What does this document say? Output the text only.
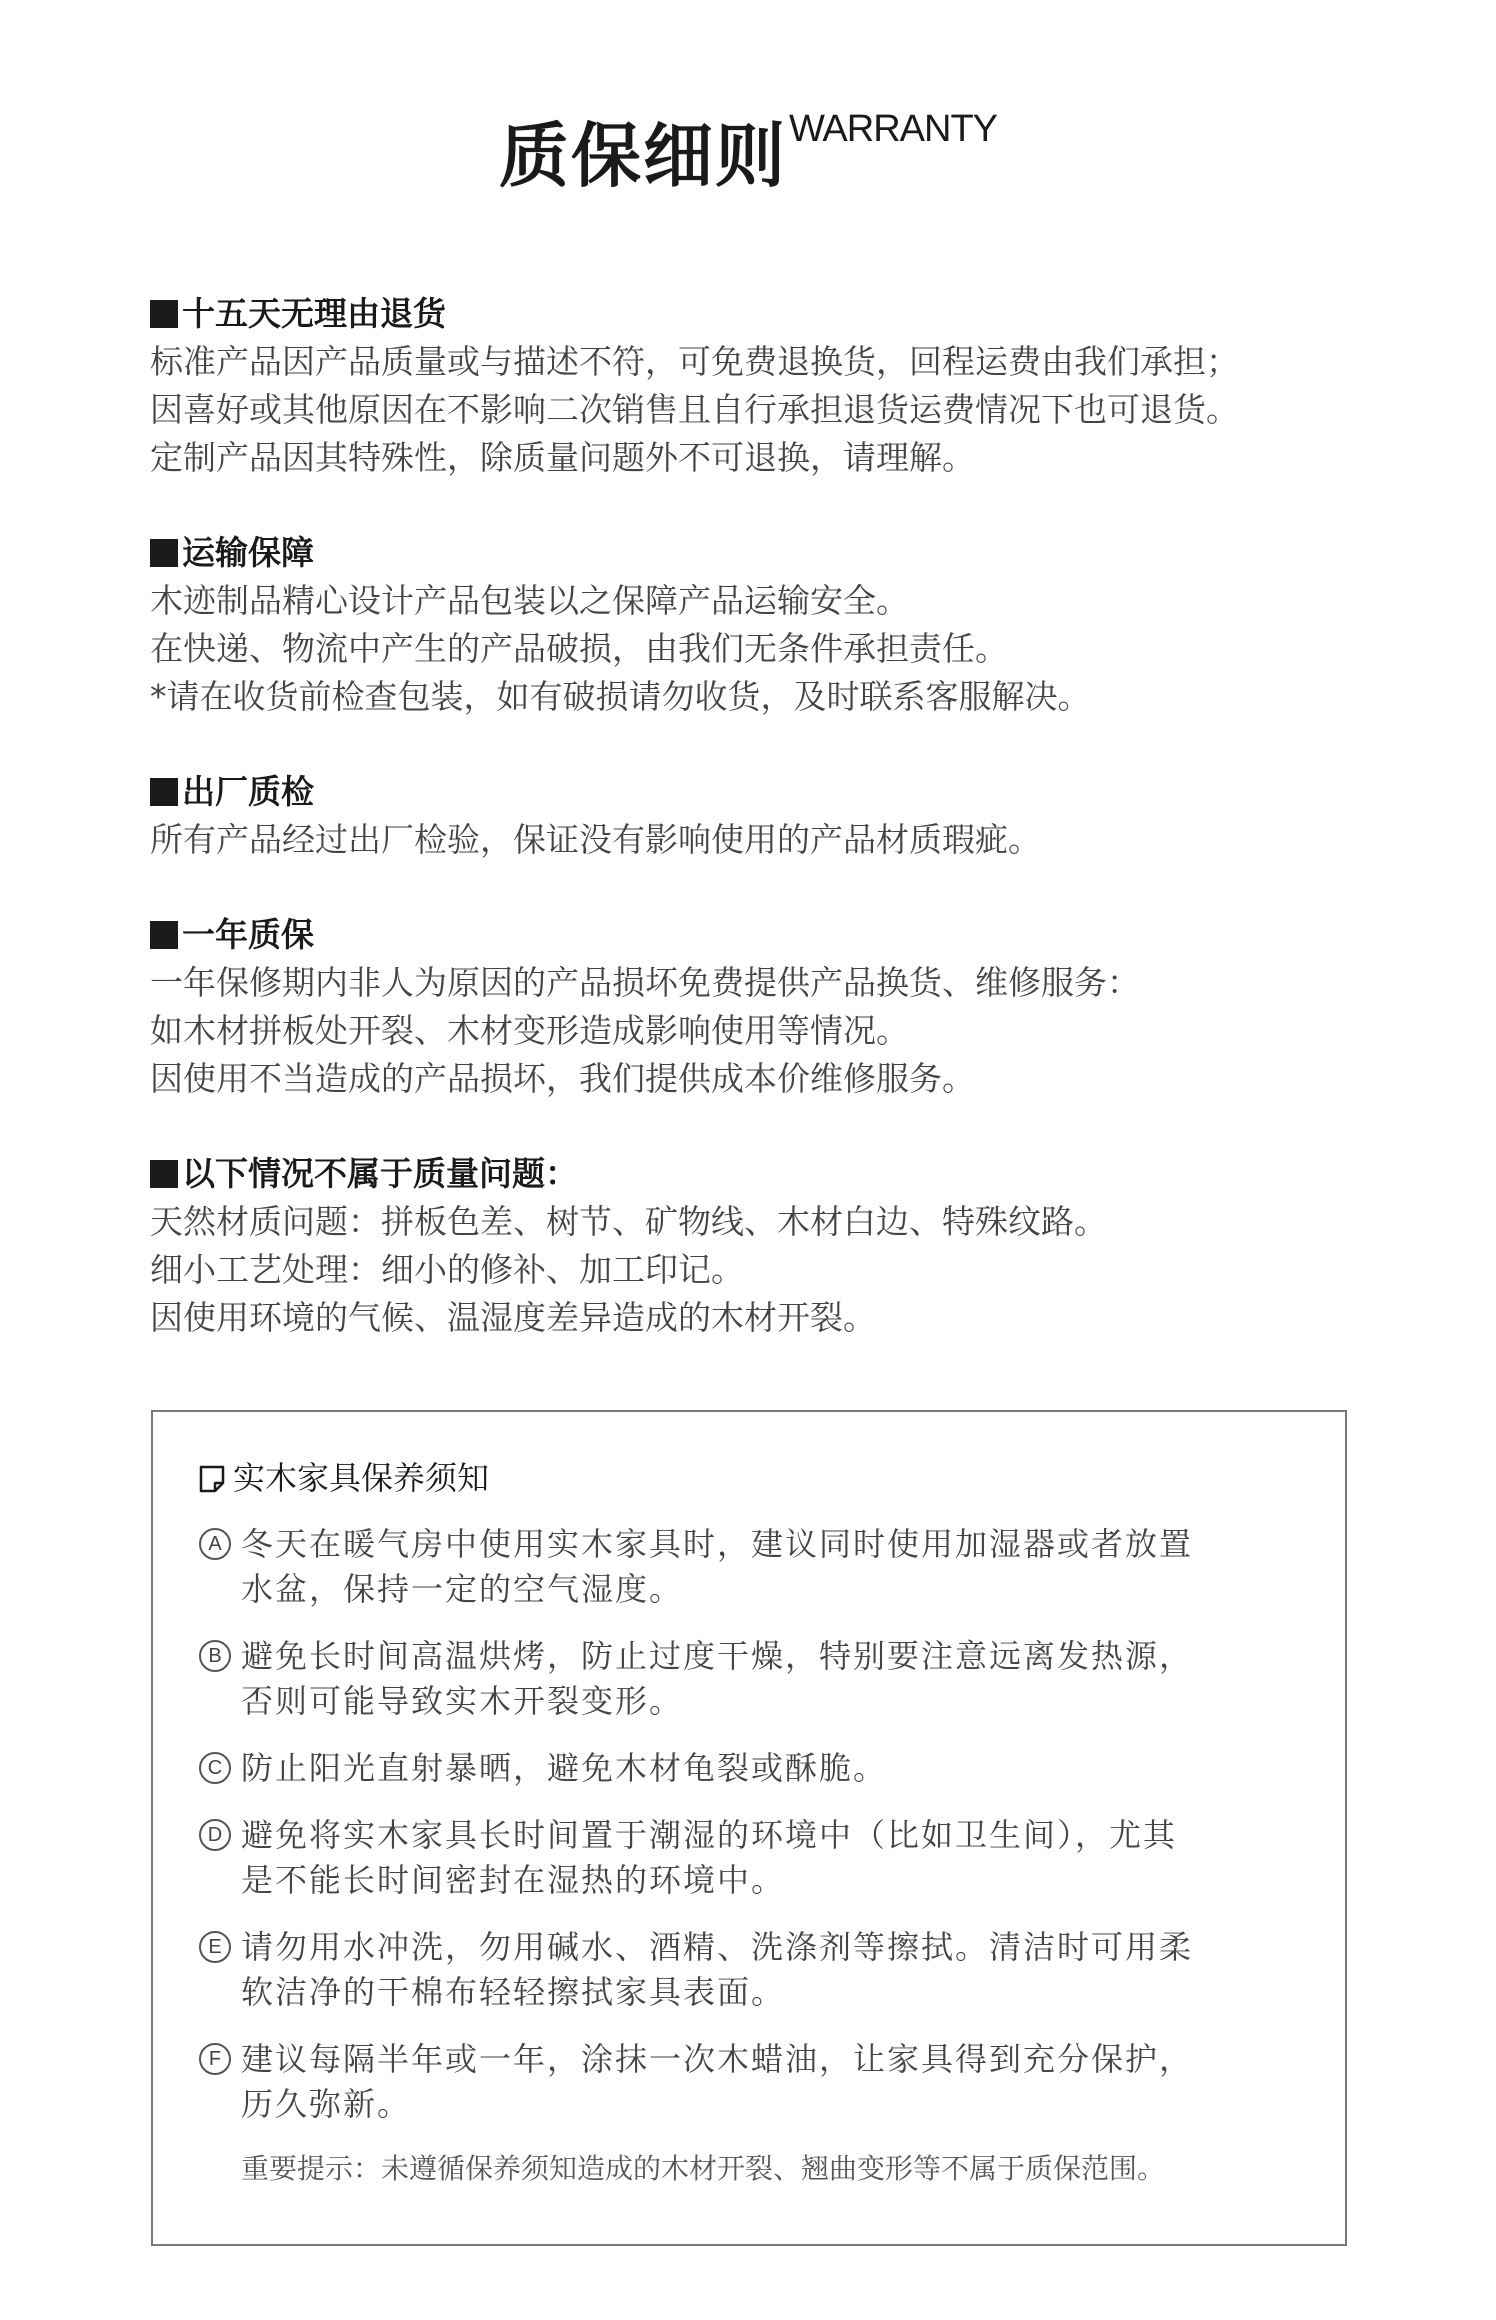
质保细则WARRANTY
十五天无理由退货
标准产品因产品质量或与描述不符，可免费退换货，回程运费由我们承担；
因喜好或其他原因在不影响二次销售且自行承担退货运费情况下也可退货。
定制产品因其特殊性，除质量问题外不可退换，请理解。
运输保障
木迹制品精心设计产品包装以之保障产品运输安全。
在快递、物流中产生的产品破损，由我们无条件承担责任。
*请在收货前检查包装，如有破损请勿收货，及时联系客服解决。
出厂质检
所有产品经过出厂检验，保证没有影响使用的产品材质瑕疵。
一年质保
一年保修期内非人为原因的产品损坏免费提供产品换货、维修服务：
如木材拼板处开裂、木材变形造成影响使用等情况。
因使用不当造成的产品损坏，我们提供成本价维修服务。
以下情况不属于质量问题：
天然材质问题：拼板色差、树节、矿物线、木材白边、特殊纹路。
细小工艺处理：细小的修补、加工印记。
因使用环境的气候、温湿度差异造成的木材开裂。
实木家具保养须知
A 冬天在暖气房中使用实木家具时，建议同时使用加湿器或者放置
水盆，保持一定的空气湿度。
B 避免长时间高温烘烤，防止过度干燥，特别要注意远离发热源，
否则可能导致实木开裂变形。
C 防止阳光直射暴晒，避免木材龟裂或酥脆。
D 避免将实木家具长时间置于潮湿的环境中（比如卫生间），尤其
是不能长时间密封在湿热的环境中。
E 请勿用水冲洗，勿用碱水、酒精、洗涤剂等擦拭。清洁时可用柔
软洁净的干棉布轻轻擦拭家具表面。
F 建议每隔半年或一年，涂抹一次木蜡油，让家具得到充分保护，
历久弥新。
重要提示：未遵循保养须知造成的木材开裂、翘曲变形等不属于质保范围。
